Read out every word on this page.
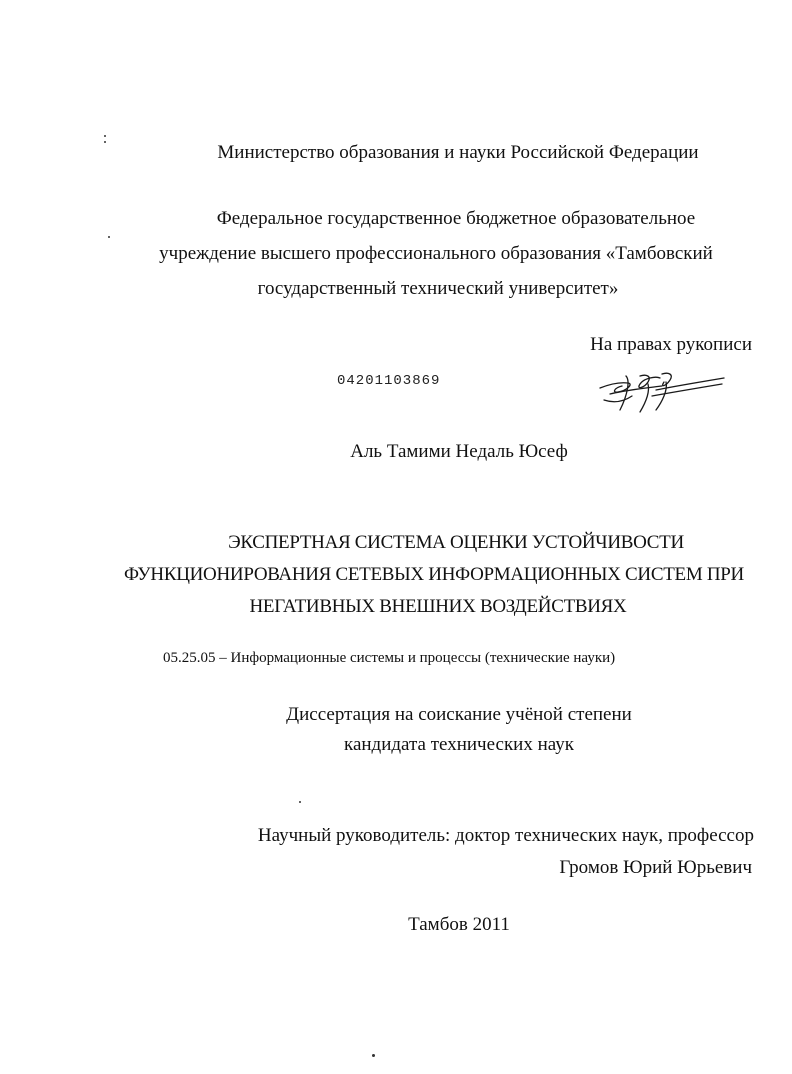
Министерство образования и науки Российской Федерации
Федеральное государственное бюджетное образовательное
учреждение высшего профессионального образования «Тамбовский
государственный технический университет»
На правах рукописи
04201103869
Аль Тамими Недаль Юсеф
ЭКСПЕРТНАЯ СИСТЕМА ОЦЕНКИ УСТОЙЧИВОСТИ
ФУНКЦИОНИРОВАНИЯ СЕТЕВЫХ ИНФОРМАЦИОННЫХ СИСТЕМ ПРИ
НЕГАТИВНЫХ ВНЕШНИХ ВОЗДЕЙСТВИЯХ
05.25.05 – Информационные системы и процессы (технические науки)
Диссертация на соискание учёной степени
кандидата технических наук
Научный руководитель: доктор технических наук, профессор
Громов Юрий Юрьевич
Тамбов 2011
